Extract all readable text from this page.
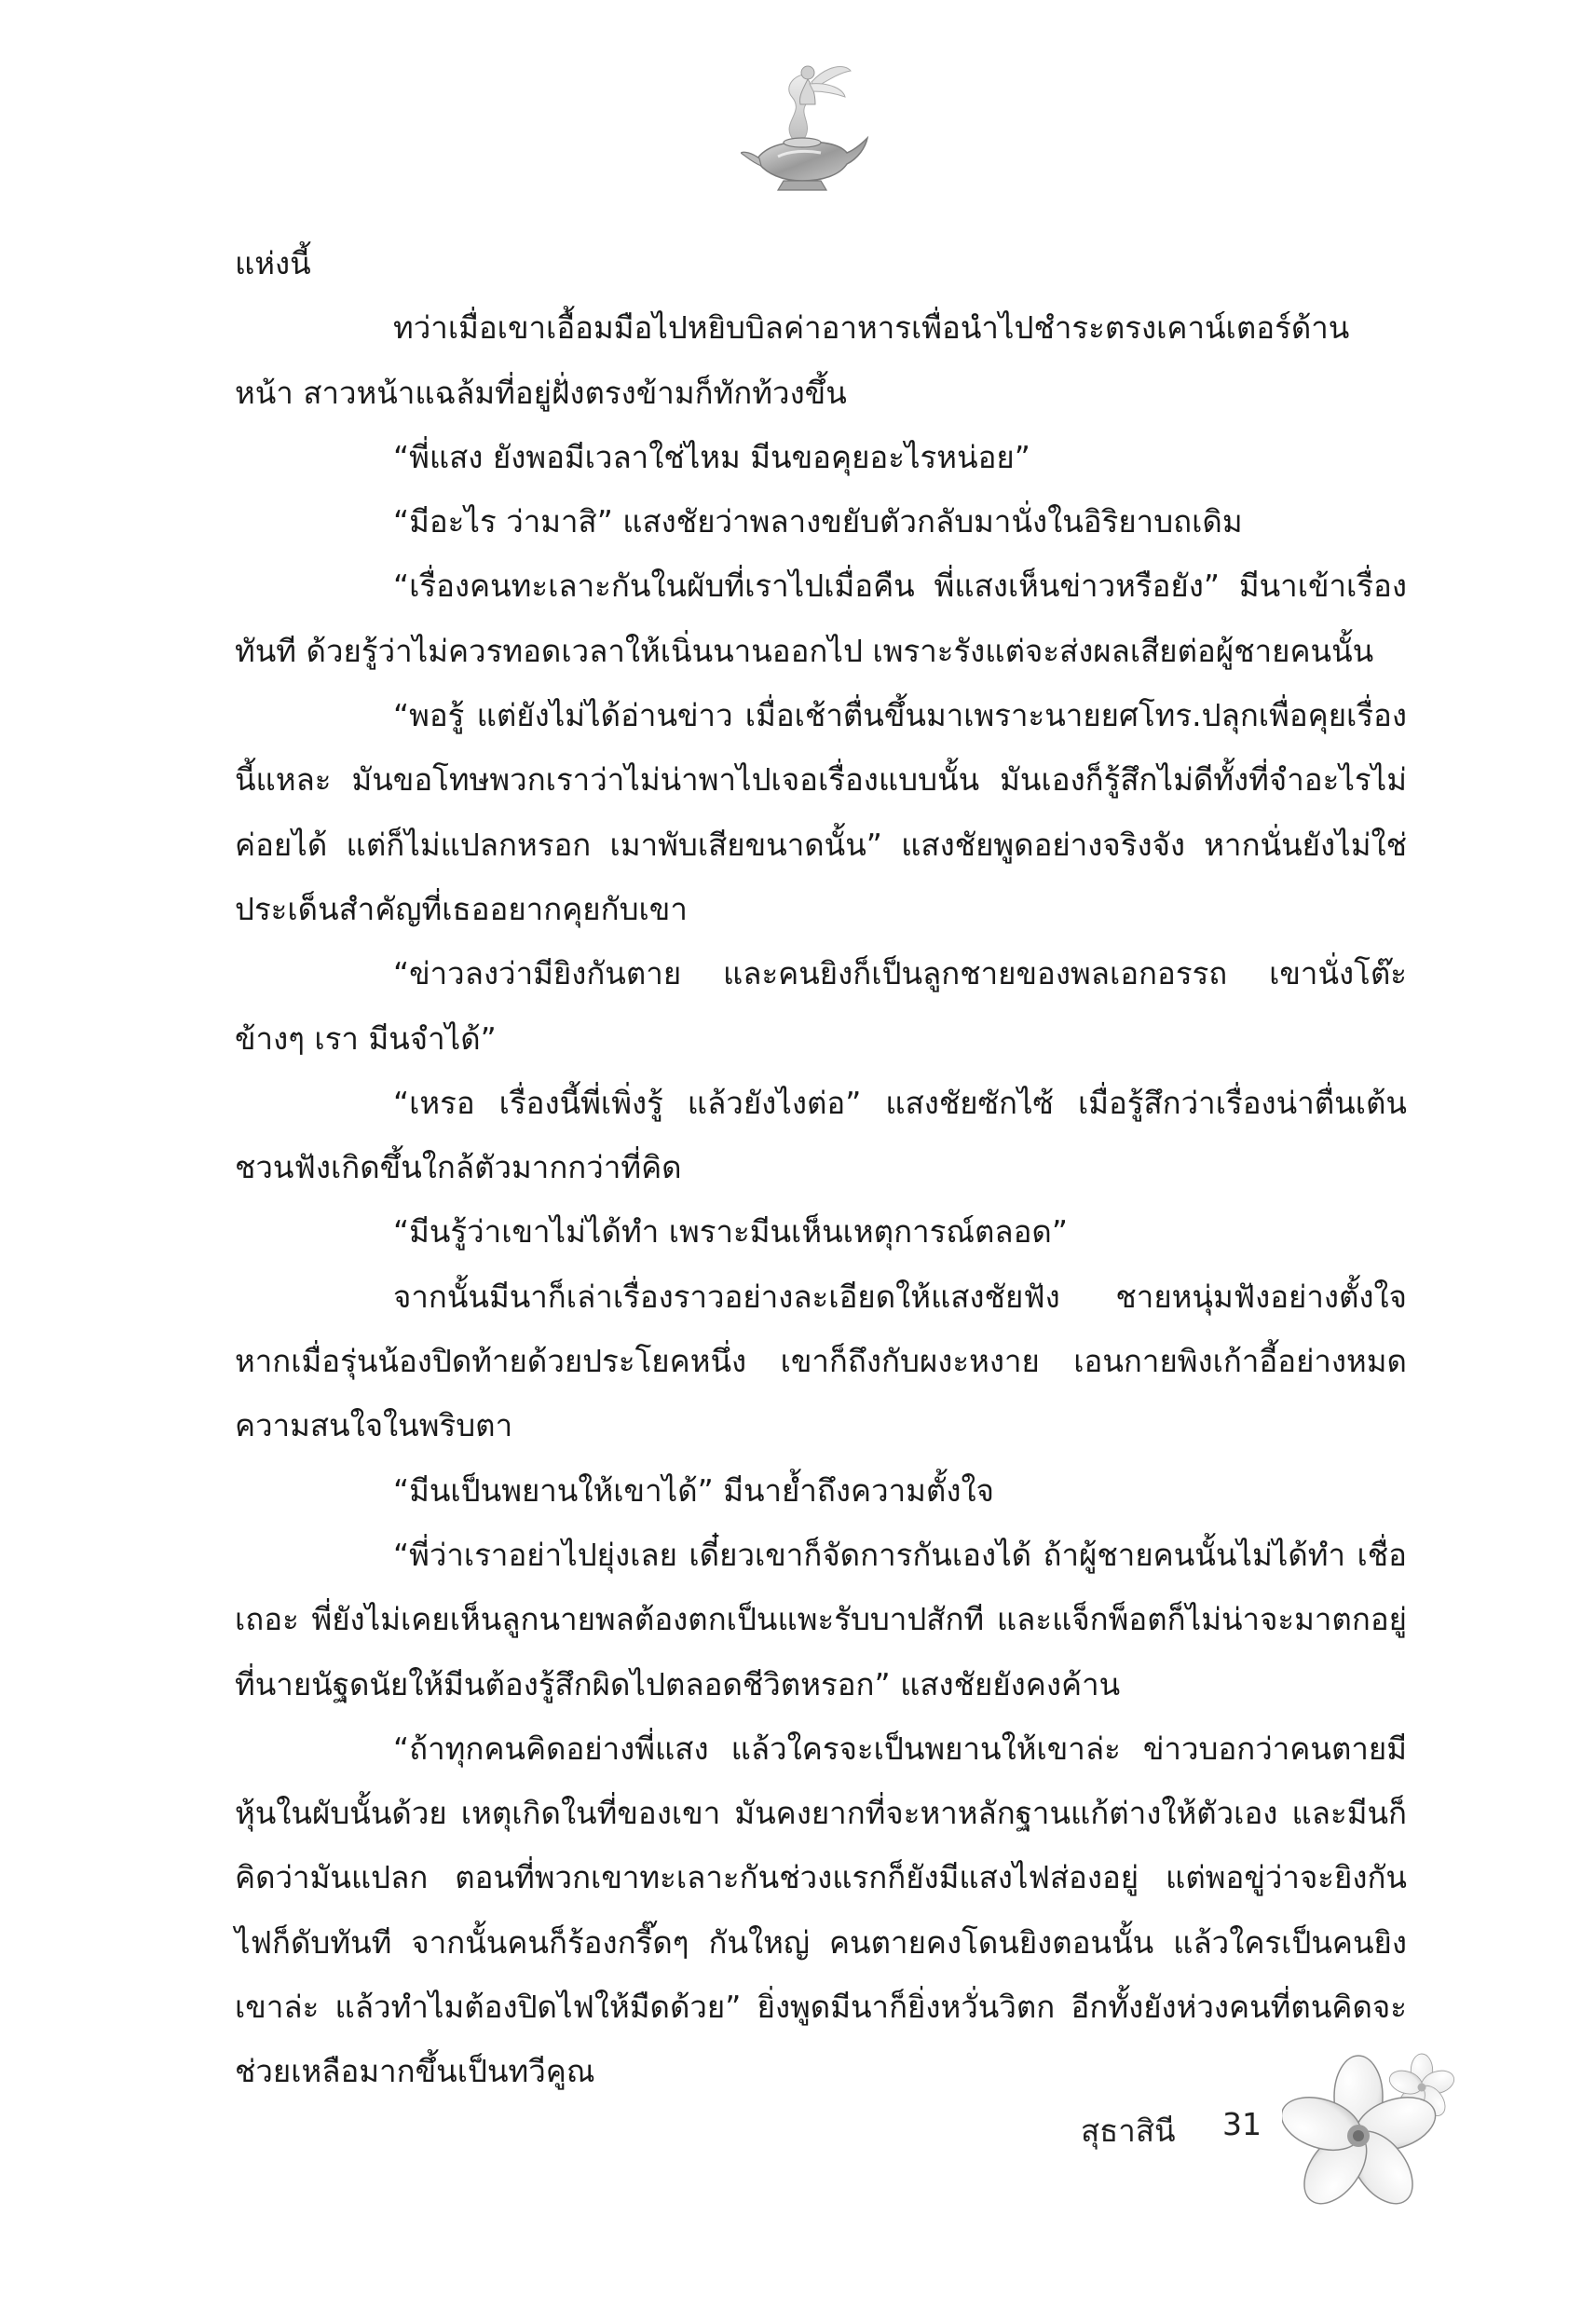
แห่งนี้

ทว่าเมื่อเขาเอื้อมมือไปหยิบบิลค่าอาหารเพื่อนำไปชำระตรงเคาน์เตอร์ด้านหน้า สาวหน้าแฉล้มที่อยู่ฝั่งตรงข้ามก็ทักท้วงขึ้น

“พี่แสง ยังพอมีเวลาใช่ไหม มีนขอคุยอะไรหน่อย”

“มีอะไร ว่ามาสิ” แสงชัยว่าพลางขยับตัวกลับมานั่งในอิริยาบถเดิม

“เรื่องคนทะเลาะกันในผับที่เราไปเมื่อคืน พี่แสงเห็นข่าวหรือยัง” มีนาเข้าเรื่องทันที ด้วยรู้ว่าไม่ควรทอดเวลาให้เนิ่นนานออกไป เพราะรังแต่จะส่งผลเสียต่อผู้ชายคนนั้น

“พอรู้ แต่ยังไม่ได้อ่านข่าว เมื่อเช้าตื่นขึ้นมาเพราะนายยศโทร.ปลุกเพื่อคุยเรื่องนี้แหละ มันขอโทษพวกเราว่าไม่น่าพาไปเจอเรื่องแบบนั้น มันเองก็รู้สึกไม่ดีทั้งที่จำอะไรไม่ค่อยได้ แต่ก็ไม่แปลกหรอก เมาพับเสียขนาดนั้น” แสงชัยพูดอย่างจริงจัง หากนั่นยังไม่ใช่ประเด็นสำคัญที่เธออยากคุยกับเขา

“ข่าวลงว่ามียิงกันตาย และคนยิงก็เป็นลูกชายของพลเอกอรรถ เขานั่งโต๊ะข้างๆ เรา มีนจำได้”

“เหรอ เรื่องนี้พี่เพิ่งรู้ แล้วยังไงต่อ” แสงชัยซักไซ้ เมื่อรู้สึกว่าเรื่องน่าตื่นเต้นชวนฟังเกิดขึ้นใกล้ตัวมากกว่าที่คิด

“มีนรู้ว่าเขาไม่ได้ทำ เพราะมีนเห็นเหตุการณ์ตลอด”

จากนั้นมีนาก็เล่าเรื่องราวอย่างละเอียดให้แสงชัยฟัง ชายหนุ่มฟังอย่างตั้งใจ หากเมื่อรุ่นน้องปิดท้ายด้วยประโยคหนึ่ง เขาก็ถึงกับผงะหงาย เอนกายพิงเก้าอี้อย่างหมดความสนใจในพริบตา

“มีนเป็นพยานให้เขาได้” มีนาย้ำถึงความตั้งใจ

“พี่ว่าเราอย่าไปยุ่งเลย เดี๋ยวเขาก็จัดการกันเองได้ ถ้าผู้ชายคนนั้นไม่ได้ทำ เชื่อเถอะ พี่ยังไม่เคยเห็นลูกนายพลต้องตกเป็นแพะรับบาปสักที และแจ็กพ็อตก็ไม่น่าจะมาตกอยู่ที่นายนัฐดนัยให้มีนต้องรู้สึกผิดไปตลอดชีวิตหรอก” แสงชัยยังคงค้าน

“ถ้าทุกคนคิดอย่างพี่แสง แล้วใครจะเป็นพยานให้เขาล่ะ ข่าวบอกว่าคนตายมีหุ้นในผับนั้นด้วย เหตุเกิดในที่ของเขา มันคงยากที่จะหาหลักฐานแก้ต่างให้ตัวเอง และมีนก็คิดว่ามันแปลก ตอนที่พวกเขาทะเลาะกันช่วงแรกก็ยังมีแสงไฟส่องอยู่ แต่พอขู่ว่าจะยิงกัน ไฟก็ดับทันที จากนั้นคนก็ร้องกรี๊ดๆ กันใหญ่ คนตายคงโดนยิงตอนนั้น แล้วใครเป็นคนยิงเขาล่ะ แล้วทำไมต้องปิดไฟให้มืดด้วย” ยิ่งพูดมีนาก็ยิ่งหวั่นวิตก อีกทั้งยังห่วงคนที่ตนคิดจะช่วยเหลือมากขึ้นเป็นทวีคูณ

สุธาสินี 31
